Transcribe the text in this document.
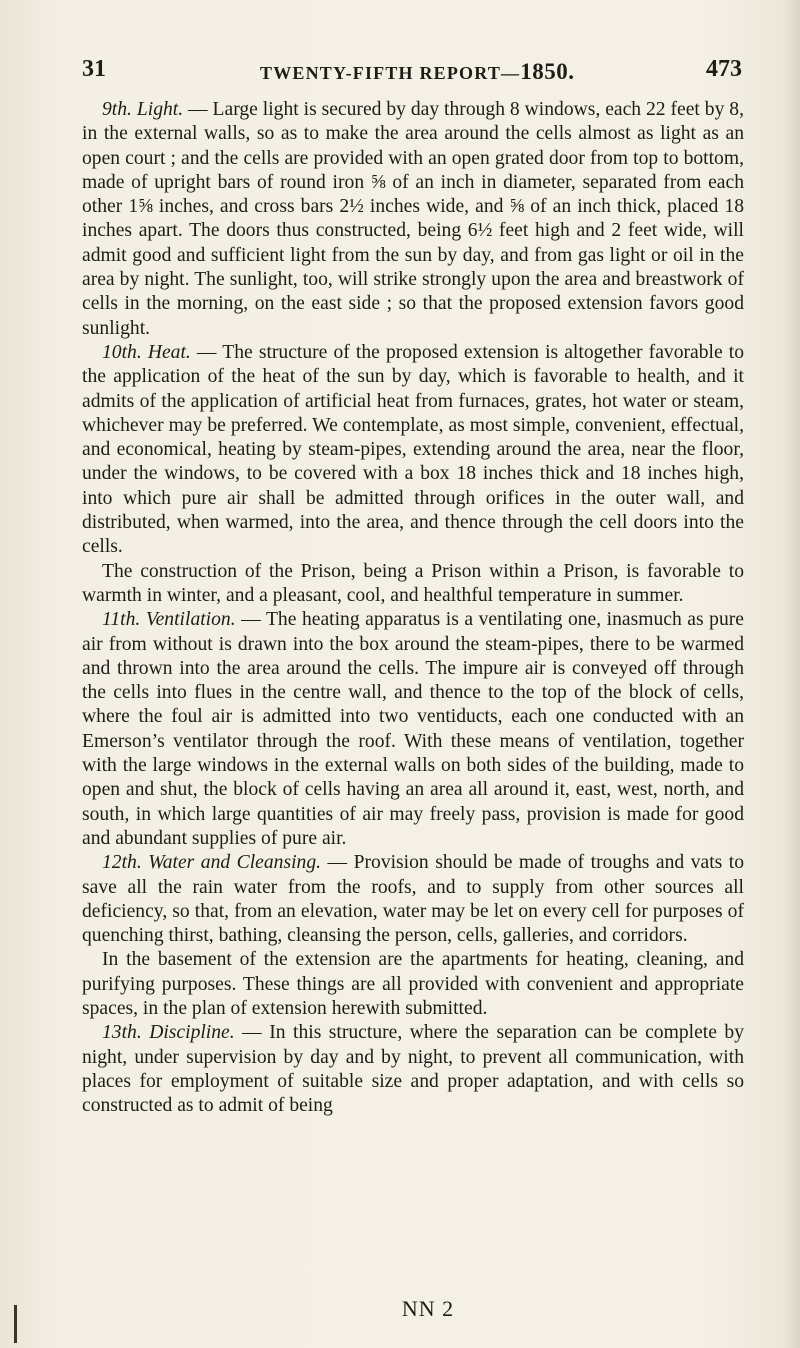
31	TWENTY-FIFTH REPORT—1850.	473

9th. Light. — Large light is secured by day through 8 windows, each 22 feet by 8, in the external walls, so as to make the area around the cells almost as light as an open court ; and the cells are provided with an open grated door from top to bottom, made of upright bars of round iron ⅝ of an inch in diameter, separated from each other 1⅝ inches, and cross bars 2½ inches wide, and ⅝ of an inch thick, placed 18 inches apart. The doors thus constructed, being 6½ feet high and 2 feet wide, will admit good and sufficient light from the sun by day, and from gas light or oil in the area by night. The sunlight, too, will strike strongly upon the area and breastwork of cells in the morning, on the east side ; so that the proposed extension favors good sunlight.

10th. Heat. — The structure of the proposed extension is altogether favorable to the application of the heat of the sun by day, which is favorable to health, and it admits of the application of artificial heat from furnaces, grates, hot water or steam, whichever may be preferred. We contemplate, as most simple, convenient, effectual, and economical, heating by steam-pipes, extending around the area, near the floor, under the windows, to be covered with a box 18 inches thick and 18 inches high, into which pure air shall be admitted through orifices in the outer wall, and distributed, when warmed, into the area, and thence through the cell doors into the cells.

The construction of the Prison, being a Prison within a Prison, is favorable to warmth in winter, and a pleasant, cool, and healthful temperature in summer.

11th. Ventilation. — The heating apparatus is a ventilating one, inasmuch as pure air from without is drawn into the box around the steam-pipes, there to be warmed and thrown into the area around the cells. The impure air is conveyed off through the cells into flues in the centre wall, and thence to the top of the block of cells, where the foul air is admitted into two ventiducts, each one conducted with an Emerson’s ventilator through the roof. With these means of ventilation, together with the large windows in the external walls on both sides of the building, made to open and shut, the block of cells having an area all around it, east, west, north, and south, in which large quantities of air may freely pass, provision is made for good and abundant supplies of pure air.

12th. Water and Cleansing. — Provision should be made of troughs and vats to save all the rain water from the roofs, and to supply from other sources all deficiency, so that, from an elevation, water may be let on every cell for purposes of quenching thirst, bathing, cleansing the person, cells, galleries, and corridors.

In the basement of the extension are the apartments for heating, cleaning, and purifying purposes. These things are all provided with convenient and appropriate spaces, in the plan of extension herewith submitted.

13th. Discipline. — In this structure, where the separation can be complete by night, under supervision by day and by night, to prevent all communication, with places for employment of suitable size and proper adaptation, and with cells so constructed as to admit of being

NN 2
